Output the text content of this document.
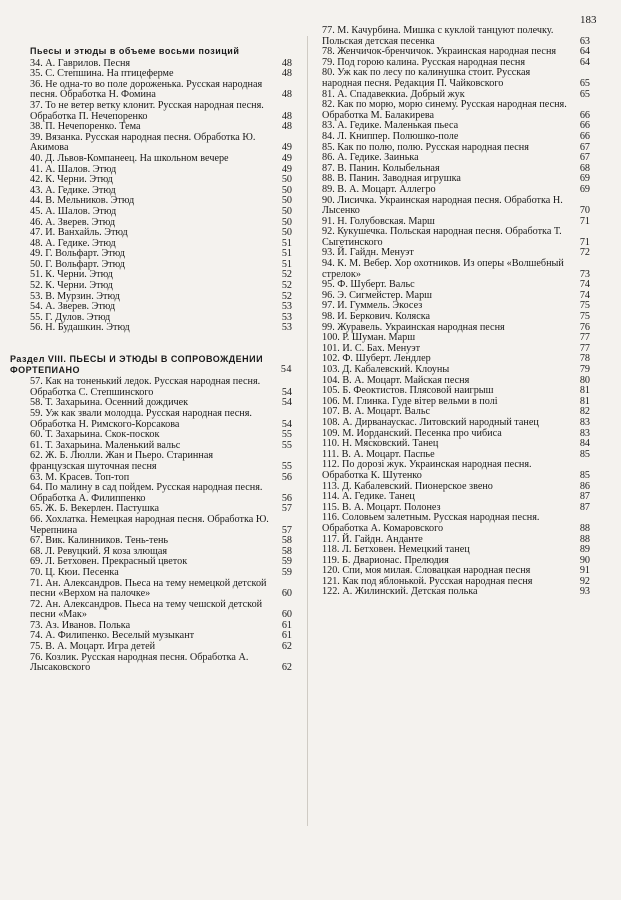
183
Пьесы и этюды в объеме восьми позиций
34. А. Гаврилов. Песня	48
35. С. Степшина. На птицеферме	48
36. Не одна-то во поле дороженька. Русская народная песня. Обработка Н. Фомина	48
37. То не ветер ветку клонит. Русская народная песня. Обработка П. Нечепоренко	48
38. П. Нечепоренко. Тема	48
39. Вязанка. Русская народная песня. Обработка Ю. Акимова	49
40. Д. Львов-Компанеец. На школьном вечере	49
41. А. Шалов. Этюд	49
42. К. Черни. Этюд	50
43. А. Гедике. Этюд	50
44. В. Мельников. Этюд	50
45. А. Шалов. Этюд	50
46. А. Зверев. Этюд	50
47. И. Ванхайль. Этюд	50
48. А. Гедике. Этюд	51
49. Г. Вольфарт. Этюд	51
50. Г. Вольфарт. Этюд	51
51. К. Черни. Этюд	52
52. К. Черни. Этюд	52
53. В. Мурзин. Этюд	52
54. А. Зверев. Этюд	53
55. Г. Дулов. Этюд	53
56. Н. Будашкин. Этюд	53
Раздел VIII. ПЬЕСЫ И ЭТЮДЫ В СОПРОВОЖДЕНИИ ФОРТЕПИАНО	54
57. Как на тоненький ледок. Русская народная песня. Обработка С. Степшинского	54
58. Т. Захарьина. Осенний дождичек	54
59. Уж как звали молодца. Русская народная песня. Обработка Н. Римского-Корсакова	54
60. Т. Захарьина. Скок-поскок	55
61. Т. Захарьина. Маленький вальс	55
62. Ж. Б. Люлли. Жан и Пьеро. Старинная французская шуточная песня	55
63. М. Красев. Топ-топ	56
64. По малину в сад пойдем. Русская народная песня. Обработка А. Филиппенко	56
65. Ж. Б. Векерлен. Пастушка	57
66. Хохлатка. Немецкая народная песня. Обработка Ю. Черепнина	57
67. Вик. Калинников. Тень-тень	58
68. Л. Ревуцкий. Я коза злющая	58
69. Л. Бетховен. Прекрасный цветок	59
70. Ц. Кюи. Песенка	59
71. Ан. Александров. Пьеса на тему немецкой детской песни «Верхом на палочке»	60
72. Ан. Александров. Пьеса на тему чешской детской песни «Мак»	60
73. Аз. Иванов. Полька	61
74. А. Филипенко. Веселый музыкант	61
75. В. А. Моцарт. Игра детей	62
76. Козлик. Русская народная песня. Обработка А. Лысаковского	62
77. М. Качурбина. Мишка с куклой танцуют полечку. Польская детская песенка	63
78. Женчичок-бренчичок. Украинская народная песня	64
79. Под горою калина. Русская народная песня	64
80. Уж как по лесу по калинушка стоит. Русская народная песня. Редакция П. Чайковского	65
81. А. Спадавеккиа. Добрый жук	65
82. Как по морю, морю синему. Русская народная песня. Обработка М. Балакирева	66
83. А. Гедике. Маленькая пьеса	66
84. Л. Книппер. Полюшко-поле	66
85. Как по полю, полю. Русская народная песня	67
86. А. Гедике. Заинька	67
87. В. Панин. Колыбельная	68
88. В. Панин. Заводная игрушка	69
89. В. А. Моцарт. Аллегро	69
90. Лисичка. Украинская народная песня. Обработка Н. Лысенко	70
91. Н. Голубовская. Марш	71
92. Кукушечка. Польская народная песня. Обработка Т. Сыгетинского	71
93. Й. Гайдн. Менуэт	72
94. К. М. Вебер. Хор охотников. Из оперы «Волшебный стрелок»	73
95. Ф. Шуберт. Вальс	74
96. Э. Сигмейстер. Марш	74
97. И. Гуммель. Экосез	75
98. И. Беркович. Коляска	75
99. Журавель. Украинская народная песня	76
100. Р. Шуман. Марш	77
101. И. С. Бах. Менуэт	77
102. Ф. Шуберт. Лендлер	78
103. Д. Кабалевский. Клоуны	79
104. В. А. Моцарт. Майская песня	80
105. Б. Феоктистов. Плясовой наигрыш	81
106. М. Глинка. Гуде вiтер вельми в полi	81
107. В. А. Моцарт. Вальс	82
108. А. Дирванаускас. Литовский народный танец	83
109. М. Иорданский. Песенка про чибиса	83
110. Н. Мясковский. Танец	84
111. В. А. Моцарт. Паспье	85
112. По дорозі жук. Украинская народная песня. Обработка К. Шутенко	85
113. Д. Кабалевский. Пионерское звено	86
114. А. Гедике. Танец	87
115. В. А. Моцарт. Полонез	87
116. Соловьем залетным. Русская народная песня. Обработка А. Комаровского	88
117. Й. Гайдн. Анданте	88
118. Л. Бетховен. Немецкий танец	89
119. Б. Дварионас. Прелюдия	90
120. Спи, моя милая. Словацкая народная песня	91
121. Как под яблонькой. Русская народная песня	92
122. А. Жилинский. Детская полька	93
